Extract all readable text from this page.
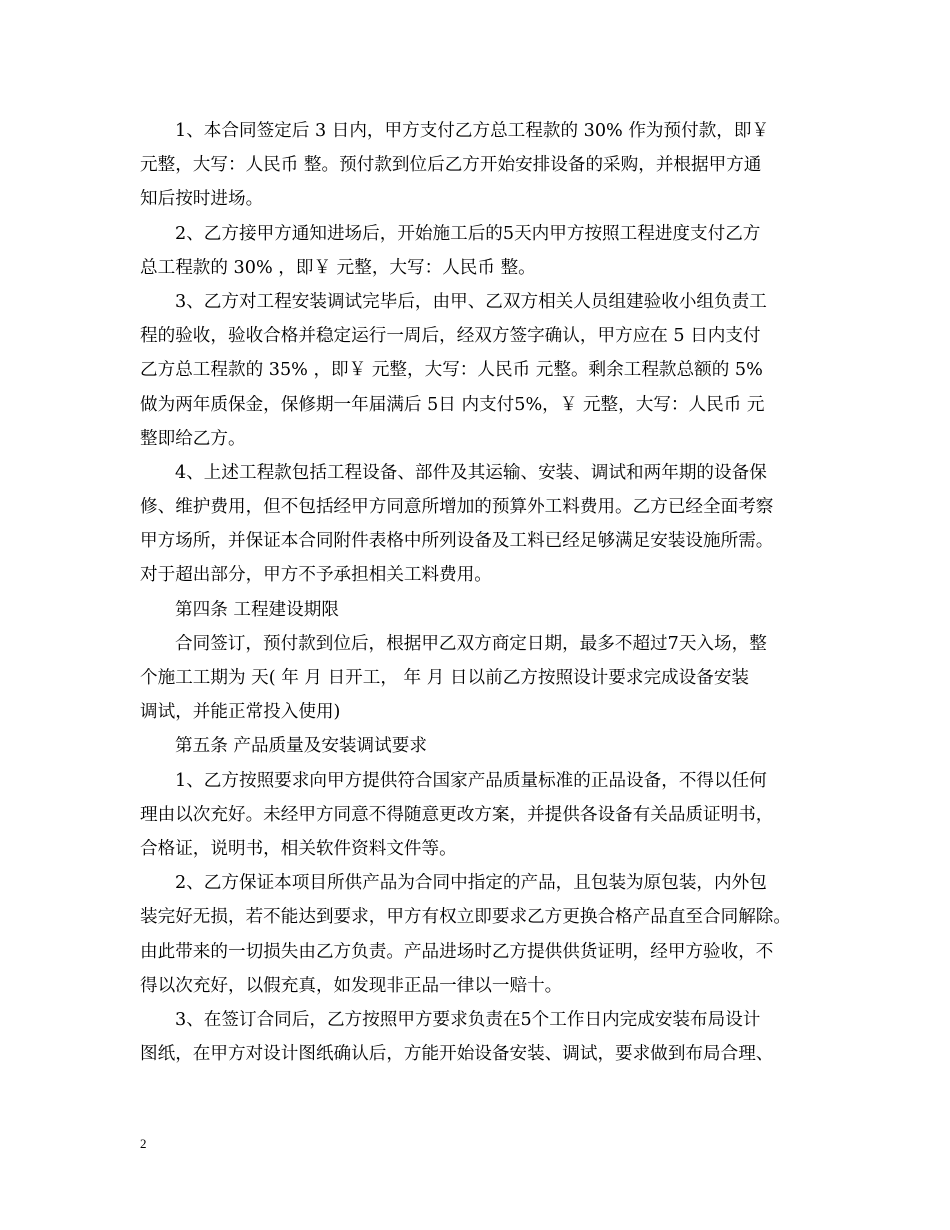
1、本合同签定后 3 日内，甲方支付乙方总工程款的 30% 作为预付款，即￥
元整，大写：人民币 整。预付款到位后乙方开始安排设备的采购，并根据甲方通
知后按时进场。
2、乙方接甲方通知进场后，开始施工后的5天内甲方按照工程进度支付乙方
总工程款的 30% ，即￥ 元整，大写：人民币 整。
3、乙方对工程安装调试完毕后，由甲、乙双方相关人员组建验收小组负责工
程的验收，验收合格并稳定运行一周后，经双方签字确认，甲方应在 5 日内支付
乙方总工程款的 35% ，即￥ 元整，大写：人民币 元整。剩余工程款总额的 5%
做为两年质保金，保修期一年届满后 5日 内支付5%，￥ 元整，大写：人民币 元
整即给乙方。
4、上述工程款包括工程设备、部件及其运输、安装、调试和两年期的设备保
修、维护费用，但不包括经甲方同意所增加的预算外工料费用。乙方已经全面考察
甲方场所，并保证本合同附件表格中所列设备及工料已经足够满足安装设施所需。
对于超出部分，甲方不予承担相关工料费用。
第四条 工程建设期限
合同签订，预付款到位后，根据甲乙双方商定日期，最多不超过7天入场，整
个施工工期为 天( 年 月 日开工， 年 月 日以前乙方按照设计要求完成设备安装
调试，并能正常投入使用)
第五条 产品质量及安装调试要求
1、乙方按照要求向甲方提供符合国家产品质量标准的正品设备，不得以任何
理由以次充好。未经甲方同意不得随意更改方案，并提供各设备有关品质证明书，
合格证，说明书，相关软件资料文件等。
2、乙方保证本项目所供产品为合同中指定的产品，且包装为原包装，内外包
装完好无损，若不能达到要求，甲方有权立即要求乙方更换合格产品直至合同解除。
由此带来的一切损失由乙方负责。产品进场时乙方提供供货证明，经甲方验收，不
得以次充好，以假充真，如发现非正品一律以一赔十。
3、在签订合同后，乙方按照甲方要求负责在5个工作日内完成安装布局设计
图纸，在甲方对设计图纸确认后，方能开始设备安装、调试，要求做到布局合理、
2
